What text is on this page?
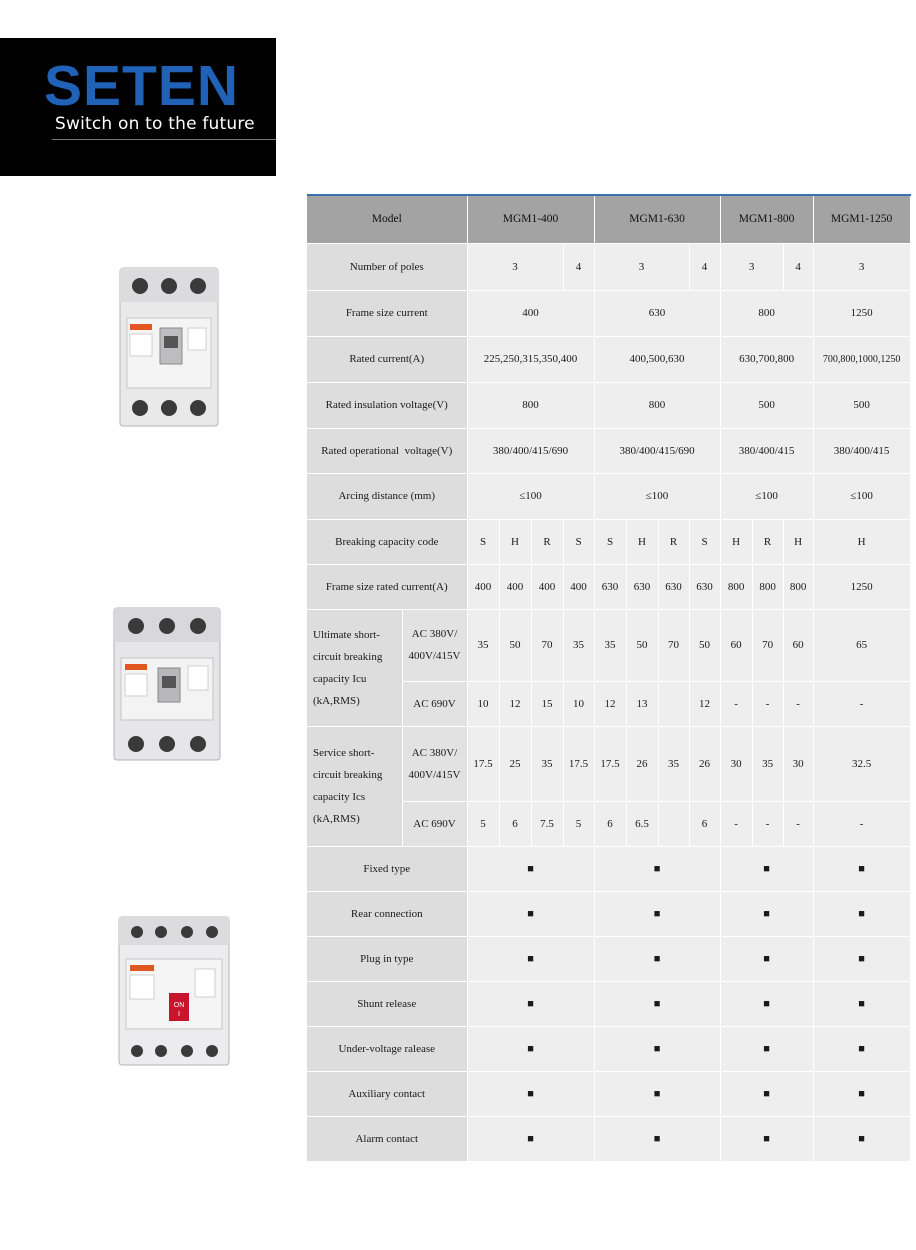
SETEN
Switch on to the future
ON
I
Model		MGM1-400				MGM1-630				MGM1-800			MGM1-1250
Number of poles		3			4	3			4	3		4	3
Frame size current		400				630				800			1250
Rated current(A)		225,250,315,350,400				400,500,630				630,700,800			700,800,1000,1250
Rated insulation voltage(V)		800				800				500			500
Rated operational  voltage(V)		380/400/415/690				380/400/415/690				380/400/415			380/400/415
Arcing distance (mm)		≤100				≤100				≤100			≤100
Breaking capacity code		S	H	R	S	S	H	R	S	H	R	H	H
Frame size rated current(A)		400	400	400	400	630	630	630	630	800	800	800	1250
Ultimate short-circuit breaking capacity Icu (kA,RMS)	AC 380V/ 400V/415V	35	50	70	35	35	50	70	50	60	70	60	65
	AC 690V	10	12	15	10	12	13		12	-	-	-	-
Service short-circuit breaking capacity Ics (kA,RMS)	AC 380V/ 400V/415V	17.5	25	35	17.5	17.5	26	35	26	30	35	30	32.5
	AC 690V	5	6	7.5	5	6	6.5		6	-	-	-	-
Fixed type		■				■				■			■
Rear connection		■				■				■			■
Plug in type		■				■				■			■
Shunt release		■				■				■			■
Under-voltage ralease		■				■				■			■
Auxiliary contact		■				■				■			■
Alarm contact		■				■				■			■
